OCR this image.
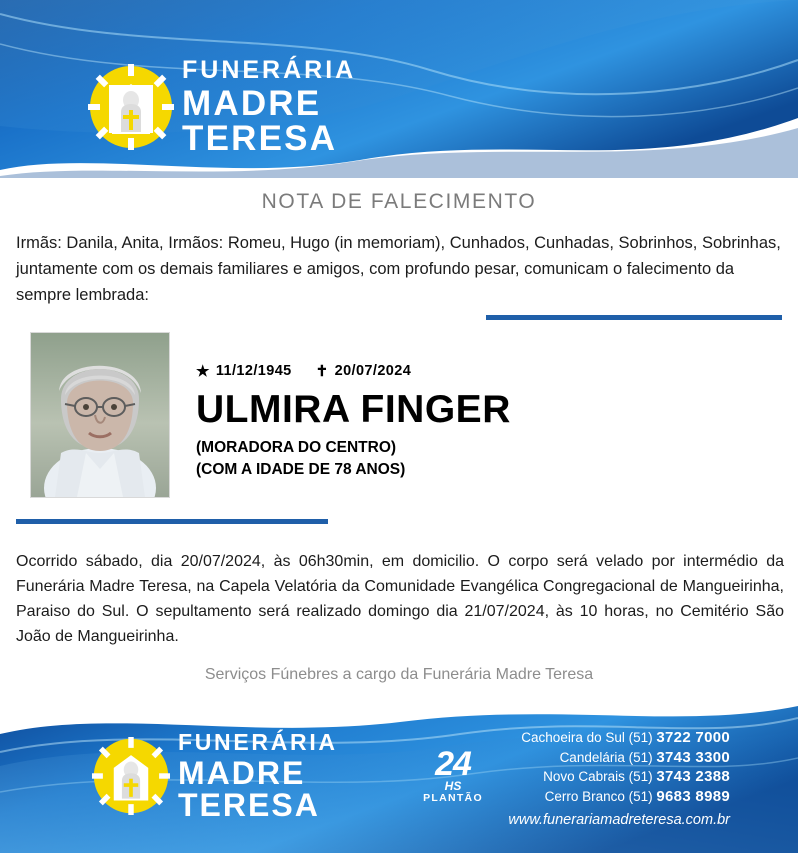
FUNERÁRIA
MADRE TERESA
NOTA DE FALECIMENTO
Irmãs: Danila, Anita, Irmãos: Romeu, Hugo (in memoriam), Cunhados, Cunhadas, Sobrinhos, Sobrinhas, juntamente com os demais familiares e amigos, com profundo pesar, comunicam o falecimento da sempre lembrada:
★ 11/12/1945 ✝ 20/07/2024
ULMIRA FINGER
(MORADORA DO CENTRO)
(COM A IDADE DE 78 ANOS)
Ocorrido sábado, dia 20/07/2024, às 06h30min, em domicilio. O corpo será velado por intermédio da Funerária Madre Teresa, na Capela Velatória da Comunidade Evangélica Congregacional de Mangueirinha, Paraiso do Sul. O sepultamento será realizado domingo dia 21/07/2024, às 10 horas, no Cemitério São João de Mangueirinha.
Serviços Fúnebres a cargo da Funerária Madre Teresa
FUNERÁRIA
MADRE TERESA
24
HS
PLANTÃO
Cachoeira do Sul (51) 3722 7000
Candelária (51) 3743 3300
Novo Cabrais (51) 3743 2388
Cerro Branco (51) 9683 8989
www.funerariamadreteresa.com.br
